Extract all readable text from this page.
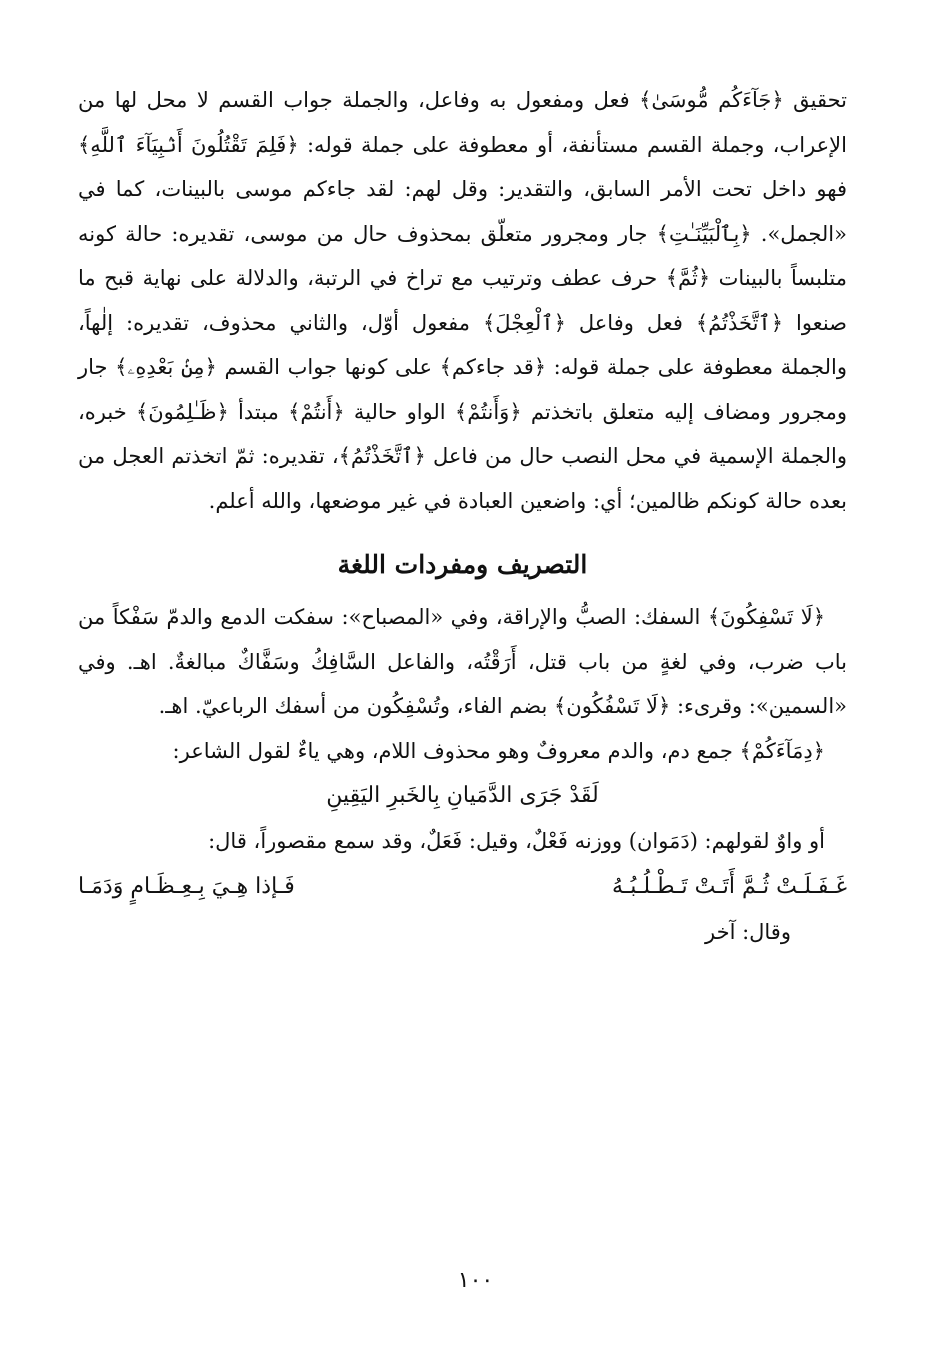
تحقيق ﴿جَآءَكُم مُّوسَىٰ﴾ فعل ومفعول به وفاعل، والجملة جواب القسم لا محل لها من الإعراب، وجملة القسم مستأنفة، أو معطوفة على جملة قوله: ﴿فَلِمَ تَقْتُلُونَ أَنۢبِيَآءَ ٱللَّهِ﴾ فهو داخل تحت الأمر السابق، والتقدير: وقل لهم: لقد جاءكم موسى بالبينات، كما في «الجمل». ﴿بِٱلْبَيِّنَـٰتِ﴾ جار ومجرور متعلّق بمحذوف حال من موسى، تقديره: حالة كونه متلبساً بالبينات ﴿ثُمَّ﴾ حرف عطف وترتيب مع تراخ في الرتبة، والدلالة على نهاية قبح ما صنعوا ﴿ٱتَّخَذْتُمُ﴾ فعل وفاعل ﴿ٱلْعِجْلَ﴾ مفعول أوّل، والثاني محذوف، تقديره: إلٰهاً، والجملة معطوفة على جملة قوله: ﴿قد جاءكم﴾ على كونها جواب القسم ﴿مِنۢ بَعْدِهِۦ﴾ جار ومجرور ومضاف إليه متعلق باتخذتم ﴿وَأَنتُمْ﴾ الواو حالية ﴿أَنتُمْ﴾ مبتدأ ﴿ظَـٰلِمُونَ﴾ خبره، والجملة الإسمية في محل النصب حال من فاعل ﴿ٱتَّخَذْتُمُ﴾، تقديره: ثمّ اتخذتم العجل من بعده حالة كونكم ظالمين؛ أي: واضعين العبادة في غير موضعها، والله أعلم.

التصريف ومفردات اللغة

﴿لَا تَسْفِكُونَ﴾ السفك: الصبُّ والإراقة، وفي «المصباح»: سفكت الدمع والدمّ سَفْكاً من باب ضرب، وفي لغةٍ من باب قتل، أَرَقْتُه، والفاعل السَّافِكُ وسَفَّاكٌ مبالغةٌ. اهـ. وفي «السمين»: وقرىء: ﴿لَا تَسْفُكُون﴾ بضم الفاء، وتُسْفِكُون من أسفك الرباعيّ. اهـ.

﴿دِمَآءَكُمْ﴾ جمع دم، والدم معروفٌ وهو محذوف اللام، وهي ياءٌ لقول الشاعر:

لَقَدْ جَرَى الدَّمَيانِ بِالخَبرِ اليَقِينِ

أو واوٌ لقولهم: (دَمَوان) ووزنه فَعْلٌ، وقيل: فَعَلٌ، وقد سمع مقصوراً، قال:

غَـفَـلَـتْ ثُـمَّ أَتَـتْ تَـطْـلُـبُـهُ
فَـإذا هِـيَ بِـعِـظَـامٍ وَدَمَـا

وقال: آخر

١٠٠
